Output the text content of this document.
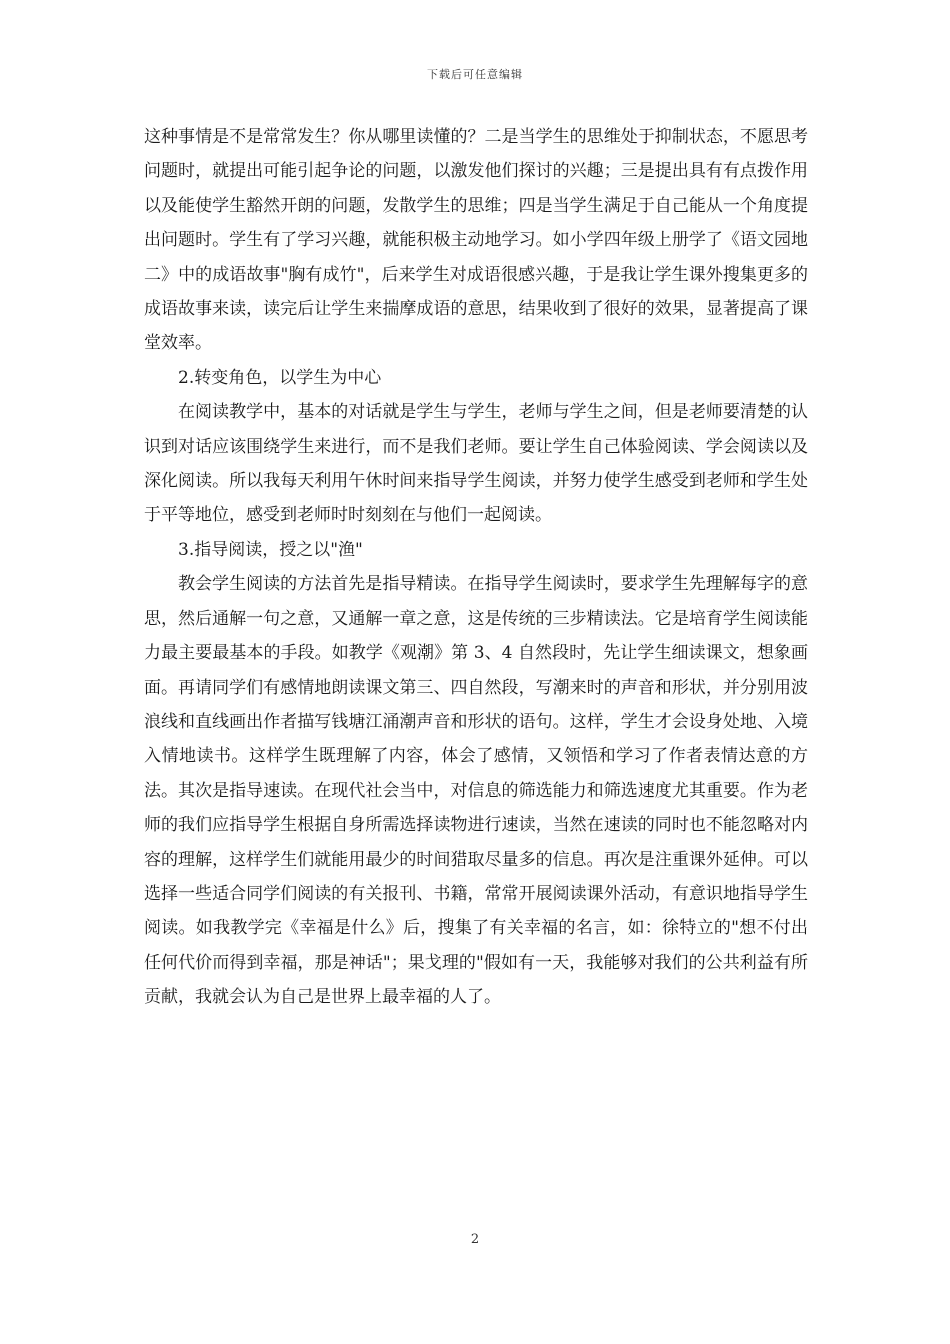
下载后可任意编辑

这种事情是不是常常发生？你从哪里读懂的？二是当学生的思维处于抑制状态，不愿思考问题时，就提出可能引起争论的问题，以激发他们探讨的兴趣；三是提出具有有点拨作用以及能使学生豁然开朗的问题，发散学生的思维；四是当学生满足于自己能从一个角度提出问题时。学生有了学习兴趣，就能积极主动地学习。如小学四年级上册学了《语文园地二》中的成语故事"胸有成竹"，后来学生对成语很感兴趣，于是我让学生课外搜集更多的成语故事来读，读完后让学生来揣摩成语的意思，结果收到了很好的效果，显著提高了课堂效率。

2.转变角色，以学生为中心

在阅读教学中，基本的对话就是学生与学生，老师与学生之间，但是老师要清楚的认识到对话应该围绕学生来进行，而不是我们老师。要让学生自己体验阅读、学会阅读以及深化阅读。所以我每天利用午休时间来指导学生阅读，并努力使学生感受到老师和学生处于平等地位，感受到老师时时刻刻在与他们一起阅读。

3.指导阅读，授之以"渔"

教会学生阅读的方法首先是指导精读。在指导学生阅读时，要求学生先理解每字的意思，然后通解一句之意，又通解一章之意，这是传统的三步精读法。它是培育学生阅读能力最主要最基本的手段。如教学《观潮》第 3、4 自然段时，先让学生细读课文，想象画面。再请同学们有感情地朗读课文第三、四自然段，写潮来时的声音和形状，并分别用波浪线和直线画出作者描写钱塘江涌潮声音和形状的语句。这样，学生才会设身处地、入境入情地读书。这样学生既理解了内容，体会了感情，又领悟和学习了作者表情达意的方法。其次是指导速读。在现代社会当中，对信息的筛选能力和筛选速度尤其重要。作为老师的我们应指导学生根据自身所需选择读物进行速读，当然在速读的同时也不能忽略对内容的理解，这样学生们就能用最少的时间猎取尽量多的信息。再次是注重课外延伸。可以选择一些适合同学们阅读的有关报刊、书籍，常常开展阅读课外活动，有意识地指导学生阅读。如我教学完《幸福是什么》后，搜集了有关幸福的名言，如：徐特立的"想不付出任何代价而得到幸福，那是神话"；果戈理的"假如有一天，我能够对我们的公共利益有所贡献，我就会认为自己是世界上最幸福的人了。

2
